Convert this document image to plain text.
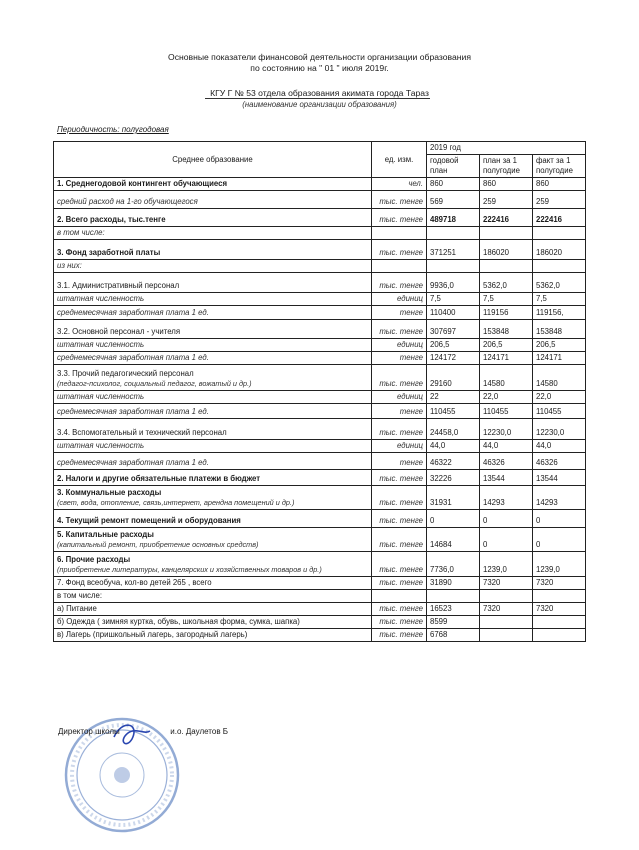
Основные показатели финансовой деятельности организации образования
по состоянию на " 01 " июля 2019г.
КГУ Г № 53 отдела образования акимата города Тараз
(наименование организации образования)
Периодичность: полугодовая
Среднее образование	ед. изм.	2019 год		
		годовой план	план за 1 полугодие	факт за 1 полугодие

1. Среднегодовой контингент обучающиеся	чел.	860	860	860

средний расход на 1-го обучающегося	тыс. тенге	569	259	259

2. Всего расходы, тыс.тенге	тыс. тенге	489718	222416	222416

в том числе:				

3. Фонд заработной платы	тыс. тенге	371251	186020	186020

из них:				

3.1. Административный персонал	тыс. тенге	9936,0	5362,0	5362,0

штатная численность	единиц	7,5	7,5	7,5

среднемесячная заработная плата 1 ед.	тенге	110400	119156	119156,

3.2. Основной персонал - учителя	тыс. тенге	307697	153848	153848

штатная численность	единиц	206,5	206,5	206,5

среднемесячная заработная плата 1 ед.	тенге	124172	124171	124171

3.3. Прочий педагогический персонал
(педагог-психолог, социальный педагог, вожатый и др.)	тыс. тенге	29160	14580	14580

штатная численность	единиц	22	22,0	22,0

среднемесячная заработная плата 1 ед.	тенге	110455	110455	110455

3.4. Вспомогательный и технический персонал	тыс. тенге	24458,0	12230,0	12230,0

штатная численность	единиц	44,0	44,0	44,0

среднемесячная заработная плата 1 ед.	тенге	46322	46326	46326

2. Налоги и другие обязательные платежи в бюджет	тыс. тенге	32226	13544	13544

3. Коммунальные расходы
(свет, вода, отопление, связь,интернет, арендна помещений и др.)	тыс. тенге	31931	14293	14293

4. Текущий ремонт помещений и оборудования	тыс. тенге	0	0	0

5. Капитальные расходы
(капитальный ремонт, приобретение основных средств)	тыс. тенге	14684	0	0

6. Прочие расходы
(приобретение литературы, канцелярских и хозяйственных товаров и др.)	тыс. тенге	7736,0	1239,0	1239,0

7. Фонд всеобуча, кол-во детей 265 , всего	тыс. тенге	31890	7320	7320

в том числе:				

а) Питание	тыс. тенге	16523	7320	7320

б) Одежда ( зимняя куртка, обувь, школьная форма, сумка, шапка)	тыс. тенге	8599		

в) Лагерь (пришкольный лагерь, загородный лагерь)	тыс. тенге	6768		
Директор школы	и.о. Даулетов Б
